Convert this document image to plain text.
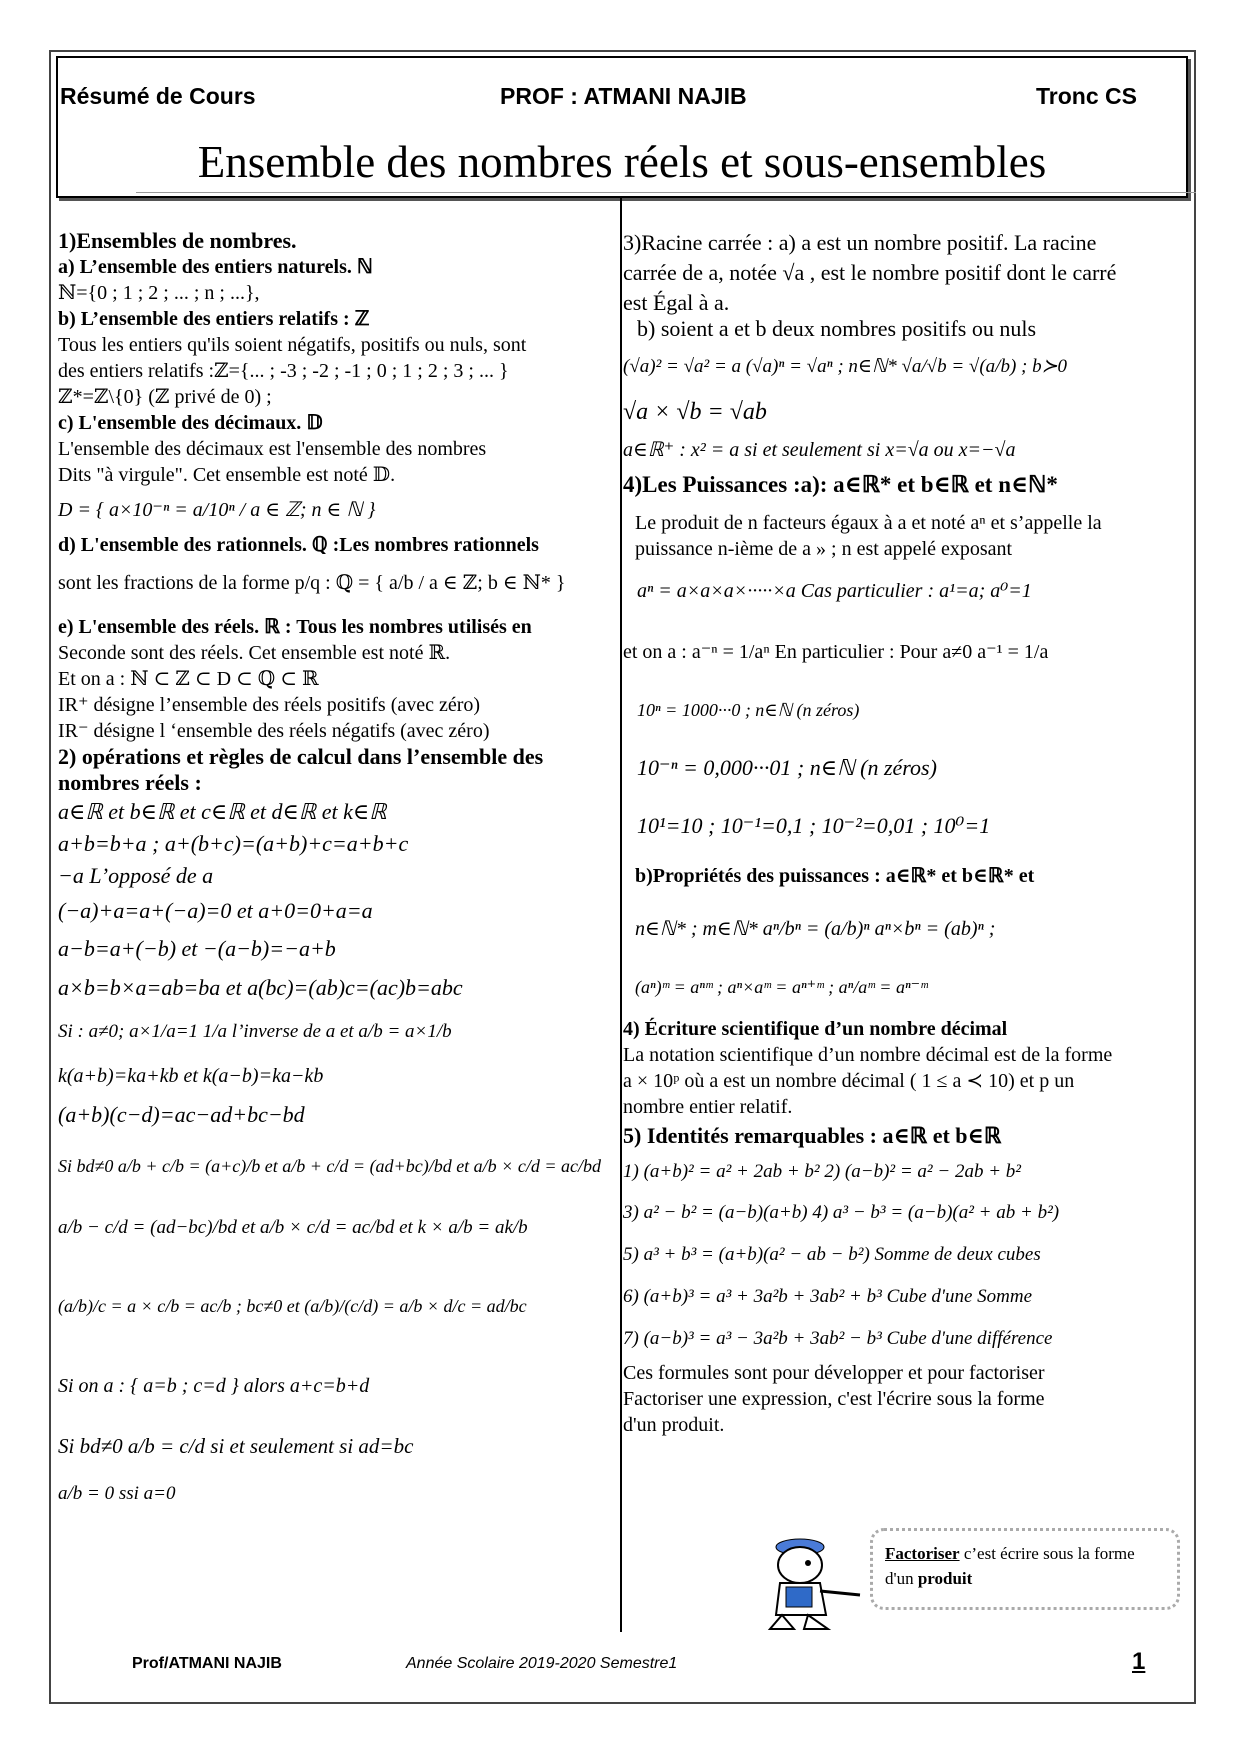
Résumé de Cours	PROF : ATMANI NAJIB	Tronc CS
Ensemble des nombres réels et sous-ensembles

1)Ensembles de nombres.

a) L’ensemble des entiers naturels. ℕ

ℕ={0 ; 1 ; 2 ; ... ; n ; ...},

b) L’ensemble des entiers relatifs : ℤ

Tous les entiers qu'ils soient négatifs, positifs ou nuls, sont

des entiers relatifs :ℤ={... ; -3 ; -2 ; -1 ; 0 ; 1 ; 2 ; 3 ; ... }

ℤ*=ℤ\{0} (ℤ privé de 0) ;

c) L'ensemble des décimaux. 𝔻

L'ensemble des décimaux est l'ensemble des nombres

Dits "à virgule". Cet ensemble est noté 𝔻.

D = { a×10⁻ⁿ = a/10ⁿ / a ∈ ℤ; n ∈ ℕ }

d) L'ensemble des rationnels. ℚ :Les nombres rationnels

sont les fractions de la forme p/q : ℚ = { a/b / a ∈ ℤ; b ∈ ℕ* }

e) L'ensemble des réels. ℝ : Tous les nombres utilisés en

Seconde sont des réels. Cet ensemble est noté ℝ.

Et on a : ℕ ⊂ ℤ ⊂ D ⊂ ℚ ⊂ ℝ

IR⁺ désigne l’ensemble des réels positifs (avec zéro)

IR⁻ désigne l ‘ensemble des réels négatifs (avec zéro)

2) opérations et règles de calcul dans l’ensemble des nombres réels :

a∈ℝ et b∈ℝ et c∈ℝ et d∈ℝ et k∈ℝ

a+b=b+a ; a+(b+c)=(a+b)+c=a+b+c

−a L’opposé de a

(−a)+a=a+(−a)=0 et a+0=0+a=a

a−b=a+(−b) et −(a−b)=−a+b

a×b=b×a=ab=ba et a(bc)=(ab)c=(ac)b=abc

Si : a≠0; a×1/a=1 1/a l’inverse de a et a/b = a×1/b

k(a+b)=ka+kb et k(a−b)=ka−kb

(a+b)(c−d)=ac−ad+bc−bd

Si bd≠0 a/b + c/b = (a+c)/b et a/b + c/d = (ad+bc)/bd et a/b × c/d = ac/bd

a/b − c/d = (ad−bc)/bd et a/b × c/d = ac/bd et k × a/b = ak/b

(a/b)/c = a × c/b = ac/b ; bc≠0 et (a/b)/(c/d) = a/b × d/c = ad/bc

Si on a : { a=b ; c=d } alors a+c=b+d

Si bd≠0 a/b = c/d si et seulement si ad=bc

a/b = 0 ssi a=0

3)Racine carrée : a) a est un nombre positif. La racine

carrée de a, notée √a , est le nombre positif dont le carré

est Égal à a.

b) soient a et b deux nombres positifs ou nuls

(√a)² = √a² = a (√a)ⁿ = √aⁿ ; n∈ℕ* √a/√b = √(a/b) ; b≻0

√a × √b = √ab

a∈ℝ⁺ : x² = a si et seulement si x=√a ou x=−√a

4)Les Puissances :a): a∈ℝ* et b∈ℝ et n∈ℕ*

Le produit de n facteurs égaux à a et noté aⁿ et s’appelle la

puissance n-ième de a » ; n est appelé exposant

aⁿ = a×a×a×·····×a Cas particulier : a¹=a; a⁰=1

et on a : a⁻ⁿ = 1/aⁿ En particulier : Pour a≠0 a⁻¹ = 1/a

10ⁿ = 1000···0 ; n∈ℕ (n zéros)

10⁻ⁿ = 0,000···01 ; n∈ℕ (n zéros)

10¹=10 ; 10⁻¹=0,1 ; 10⁻²=0,01 ; 10⁰=1

b)Propriétés des puissances : a∈ℝ* et b∈ℝ* et

n∈ℕ* ; m∈ℕ* aⁿ/bⁿ = (a/b)ⁿ aⁿ×bⁿ = (ab)ⁿ ;

(aⁿ)ᵐ = aⁿᵐ ; aⁿ×aᵐ = aⁿ⁺ᵐ ; aⁿ/aᵐ = aⁿ⁻ᵐ

4) Écriture scientifique d’un nombre décimal

La notation scientifique d’un nombre décimal est de la forme

a × 10ᵖ où a est un nombre décimal ( 1 ≤ a ≺ 10) et p un

nombre entier relatif.

5) Identités remarquables : a∈ℝ et b∈ℝ

1) (a+b)² = a² + 2ab + b² 2) (a−b)² = a² − 2ab + b²

3) a² − b² = (a−b)(a+b) 4) a³ − b³ = (a−b)(a² + ab + b²)

5) a³ + b³ = (a+b)(a² − ab − b²) Somme de deux cubes

6) (a+b)³ = a³ + 3a²b + 3ab² + b³ Cube d'une Somme

7) (a−b)³ = a³ − 3a²b + 3ab² − b³ Cube d'une différence

Ces formules sont pour développer et pour factoriser

Factoriser une expression, c'est l'écrire sous la forme

d'un produit.

Factoriser c’est écrire sous la forme
d'un produit
Prof/ATMANI NAJIB	Année Scolaire 2019-2020 Semestre1	1
